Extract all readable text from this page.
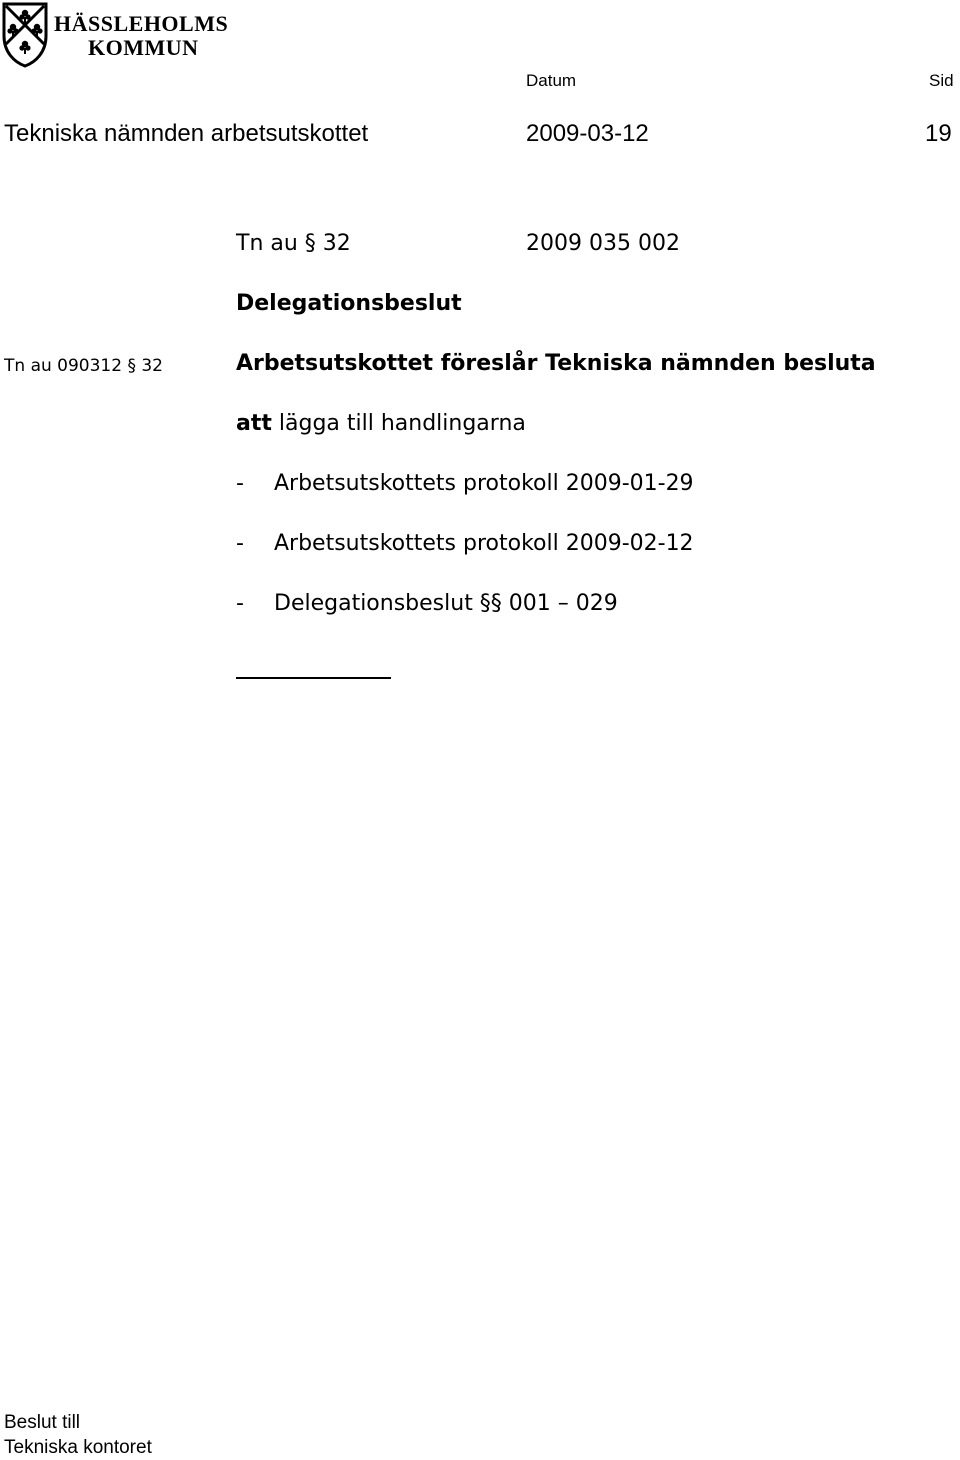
HÄSSLEHOLMS
KOMMUN
Datum	Sid
Tekniska nämnden arbetsutskottet	2009-03-12	19
Tn au § 32	2009 035 002
Delegationsbeslut
Tn au 090312 § 32	Arbetsutskottet föreslår Tekniska nämnden besluta
att lägga till handlingarna
- Arbetsutskottets protokoll 2009-01-29
- Arbetsutskottets protokoll 2009-02-12
- Delegationsbeslut §§ 001 – 029
Beslut till
Tekniska kontoret
